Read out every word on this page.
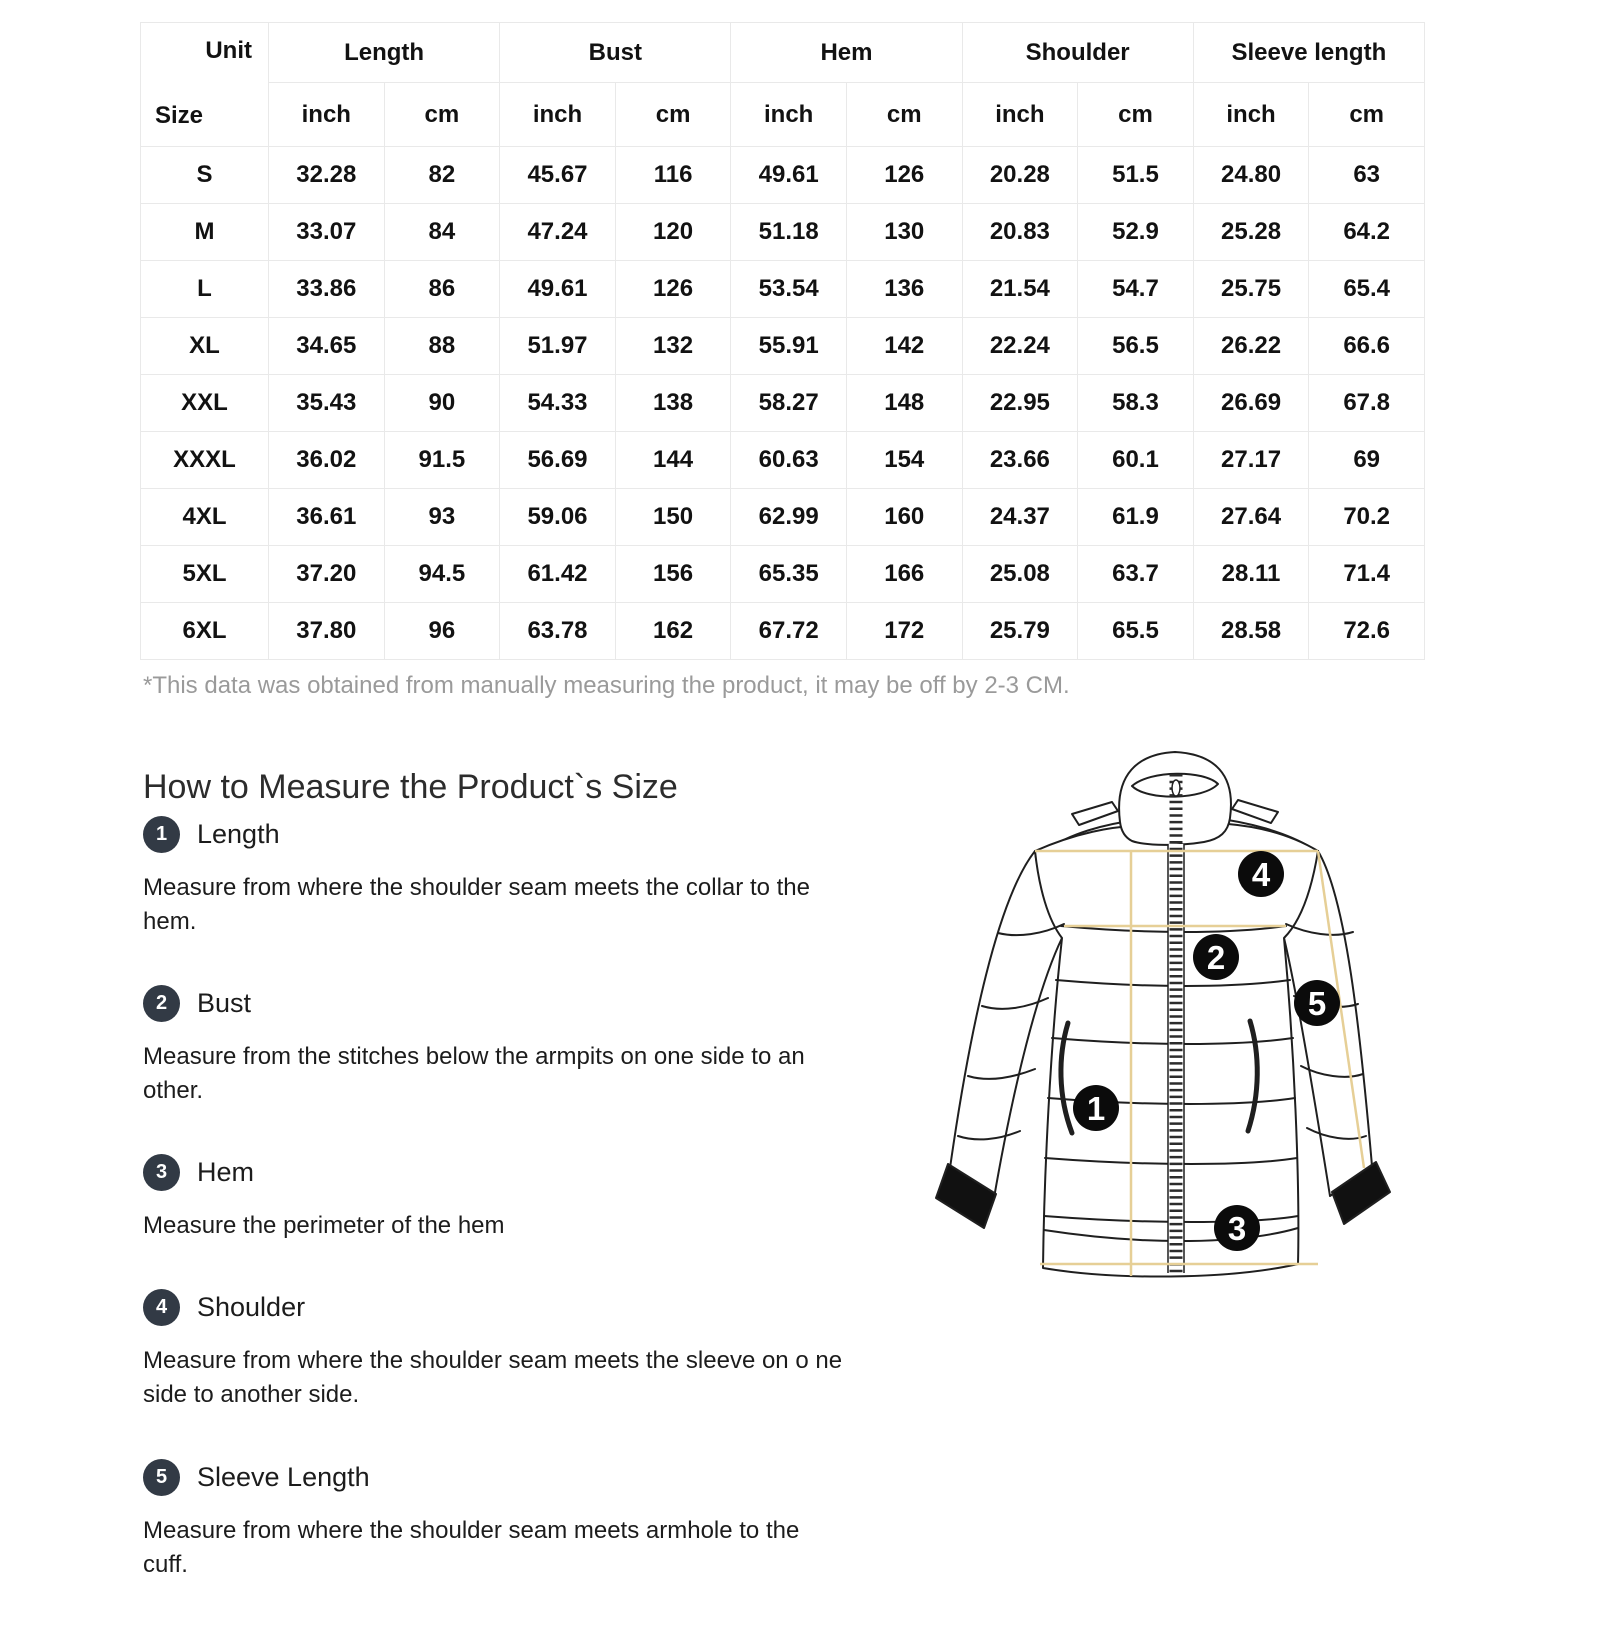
Unit
Size	Length		Bust		Hem		Shoulder		Sleeve length	
	inch	cm	inch	cm	inch	cm	inch	cm	inch	cm
S	32.28	82	45.67	116	49.61	126	20.28	51.5	24.80	63
M	33.07	84	47.24	120	51.18	130	20.83	52.9	25.28	64.2
L	33.86	86	49.61	126	53.54	136	21.54	54.7	25.75	65.4
XL	34.65	88	51.97	132	55.91	142	22.24	56.5	26.22	66.6
XXL	35.43	90	54.33	138	58.27	148	22.95	58.3	26.69	67.8
XXXL	36.02	91.5	56.69	144	60.63	154	23.66	60.1	27.17	69
4XL	36.61	93	59.06	150	62.99	160	24.37	61.9	27.64	70.2
5XL	37.20	94.5	61.42	156	65.35	166	25.08	63.7	28.11	71.4
6XL	37.80	96	63.78	162	67.72	172	25.79	65.5	28.58	72.6
*This data was obtained from manually measuring the product, it may be off by 2-3 CM.
How to Measure the Product`s Size
1	Length

Measure from where the shoulder seam meets the collar to the hem.

2	Bust

Measure from the stitches below the armpits on one side to an other.

3	Hem

Measure the perimeter of the hem

4	Shoulder

Measure from where the shoulder seam meets the sleeve on o ne side to another side.

5	Sleeve Length

Measure from where the shoulder seam meets armhole to the cuff.

1
2
3
4
5
